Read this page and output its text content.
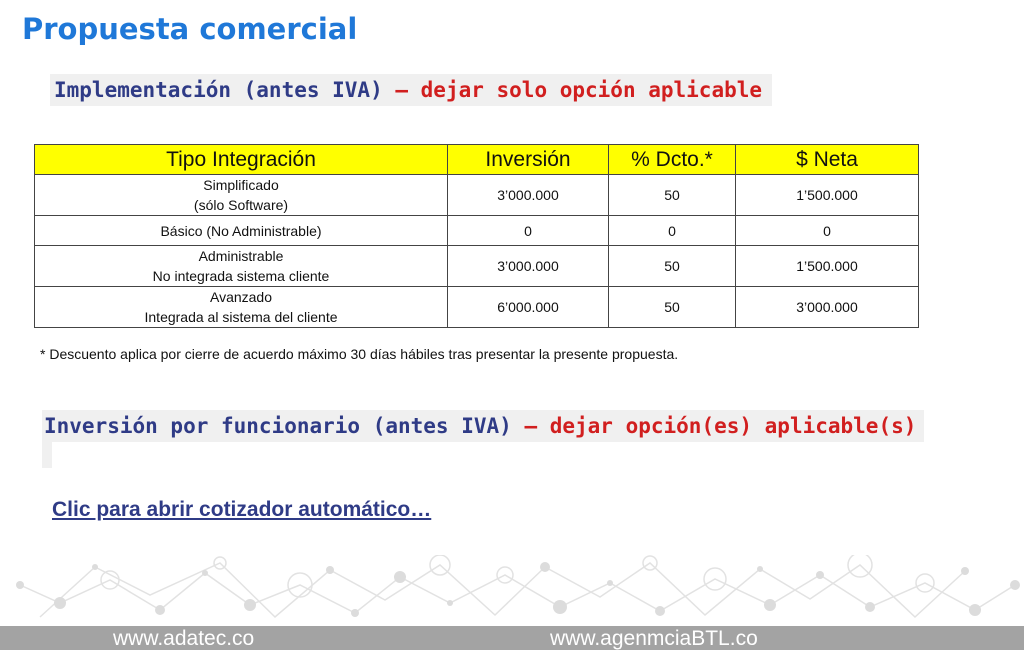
Propuesta comercial
Implementación (antes IVA) – dejar solo opción aplicable
Tipo Integración	Inversión	% Dcto.*	$ Neta

Simplificado
(sólo Software)	3’000.000	50	1’500.000
Básico (No Administrable)	0	0	0

Administrable
No integrada sistema cliente	3’000.000	50	1’500.000

Avanzado
Integrada al sistema del cliente	6’000.000	50	3’000.000
* Descuento aplica por cierre de acuerdo máximo 30 días hábiles tras presentar la presente propuesta.
Inversión por funcionario (antes IVA) – dejar opción(es) aplicable(s)
Clic para abrir cotizador automático…
www.adatec.co	www.agenmciaBTL.co
